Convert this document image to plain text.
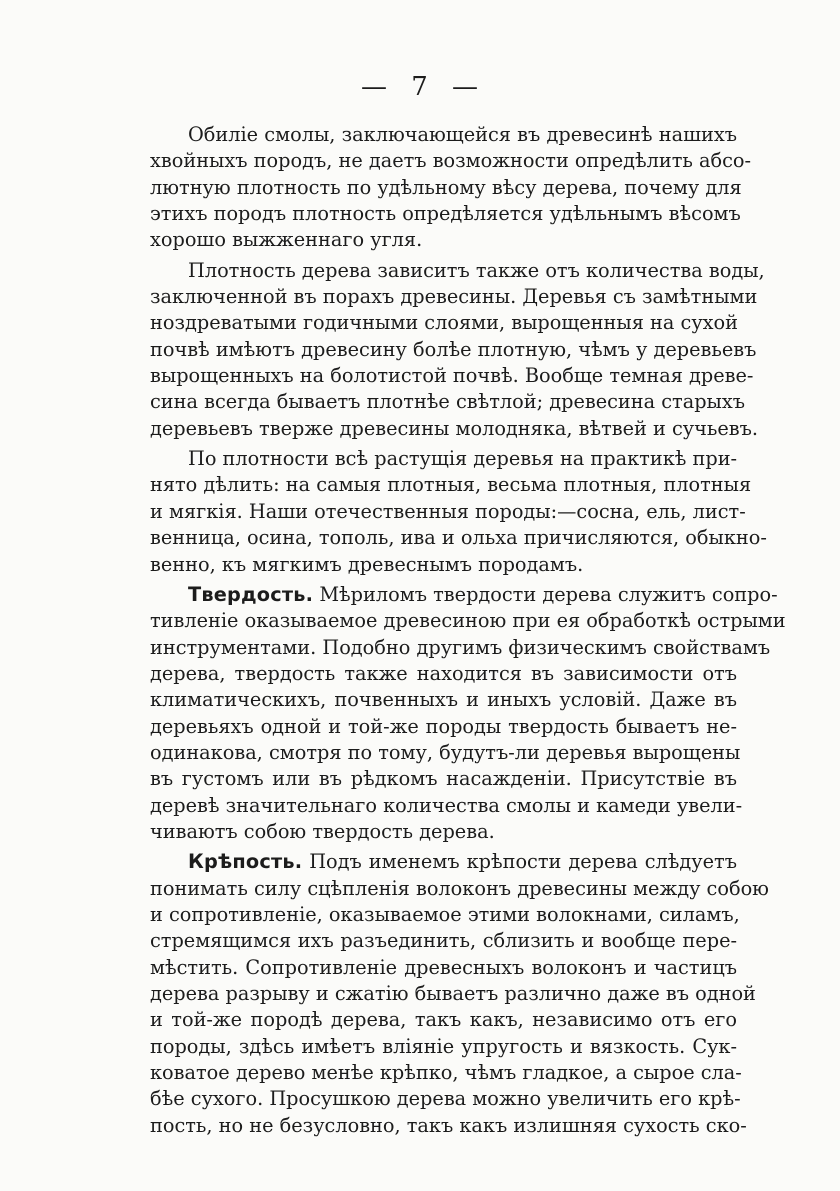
— 7 —
Обилiе смолы, заключающейся въ древесинѣ нашихъ
хвойныхъ породъ, не даетъ возможности опредѣлить абсо-
лютную плотность по удѣльному вѣсу дерева, почему для
этихъ породъ плотность опредѣляется удѣльнымъ вѣсомъ
хорошо выжженнаго угля.
Плотность дерева зависитъ также отъ количества воды,
заключенной въ порахъ древесины. Деревья съ замѣтными
ноздреватыми годичными слоями, вырощенныя на сухой
почвѣ имѣютъ древесину болѣе плотную, чѣмъ у деревьевъ
вырощенныхъ на болотистой почвѣ. Вообще темная древе-
сина всегда бываетъ плотнѣе свѣтлой; древесина старыхъ
деревьевъ тверже древесины молодняка, вѣтвей и сучьевъ.
По плотности всѣ растущiя деревья на практикѣ при-
нято дѣлить: на самыя плотныя, весьма плотныя, плотныя
и мягкiя. Наши отечественныя породы:—сосна, ель, лист-
венница, осина, тополь, ива и ольха причисляются, обыкно-
венно, къ мягкимъ древеснымъ породамъ.
Твердость. Мѣриломъ твердости дерева служитъ сопро-
тивленiе оказываемое древесиною при ея обработкѣ острыми
инструментами. Подобно другимъ физическимъ свойствамъ
дерева, твердость также находится въ зависимости отъ
климатическихъ, почвенныхъ и иныхъ условiй. Даже въ
деревьяхъ одной и той-же породы твердость бываетъ не-
одинакова, смотря по тому, будутъ-ли деревья вырощены
въ густомъ или въ рѣдкомъ насажденiи. Присутствiе въ
деревѣ значительнаго количества смолы и камеди увели-
чиваютъ собою твердость дерева.
Крѣпость. Подъ именемъ крѣпости дерева слѣдуетъ
понимать силу сцѣпленiя волоконъ древесины между собою
и сопротивленiе, оказываемое этими волокнами, силамъ,
стремящимся ихъ разъединить, сблизить и вообще пере-
мѣстить. Сопротивленiе древесныхъ волоконъ и частицъ
дерева разрыву и сжатiю бываетъ различно даже въ одной
и той-же породѣ дерева, такъ какъ, независимо отъ его
породы, здѣсь имѣетъ влiянiе упругость и вязкость. Сук-
коватое дерево менѣе крѣпко, чѣмъ гладкое, а сырое сла-
бѣе сухого. Просушкою дерева можно увеличить его крѣ-
пость, но не безусловно, такъ какъ излишняя сухость ско-
